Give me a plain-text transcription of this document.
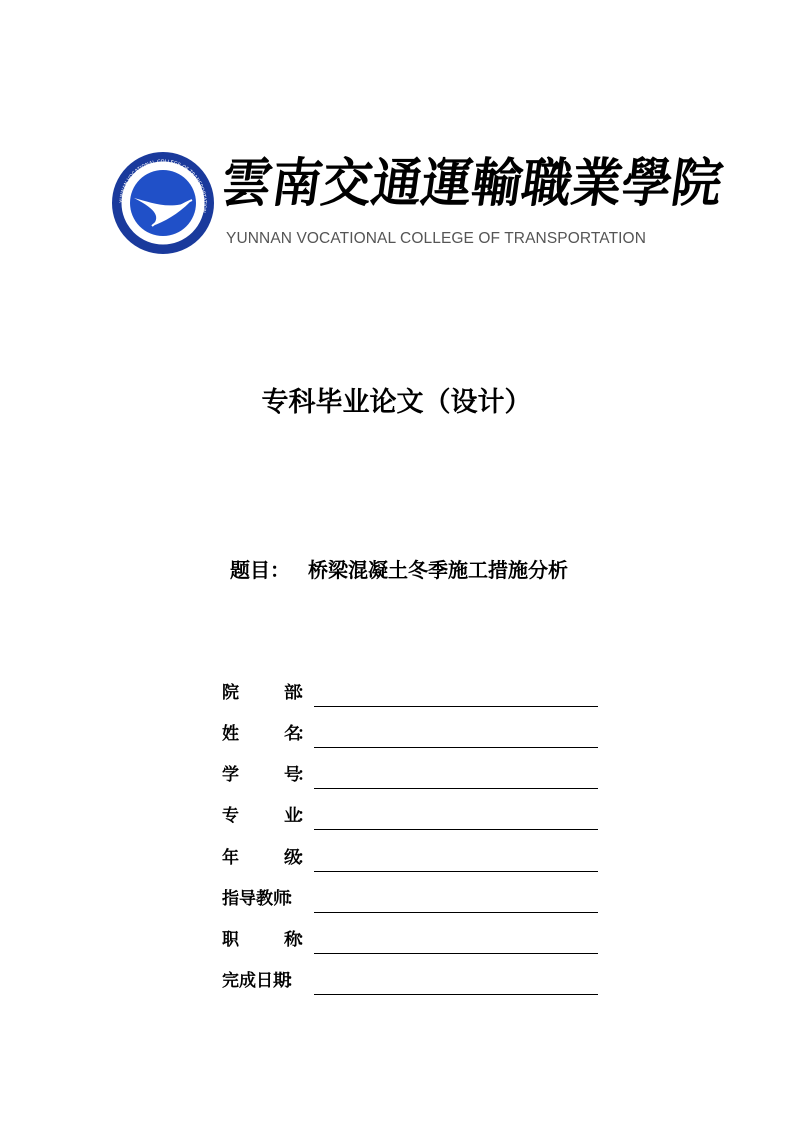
YUNNAN VOCATIONAL COLLEGE OF TRANSPORTATION 雲
南
交
通
運
輸
職
業
學
院
YUNNAN VOCATIONAL COLLEGE OF TRANSPORTATION
专科毕业论文（设计）
题目： 桥梁混凝土冬季施工措施分析
院	部：
姓	名：
学	号：
专	业：
年	级：
指导教师：
职	称：
完成日期：
